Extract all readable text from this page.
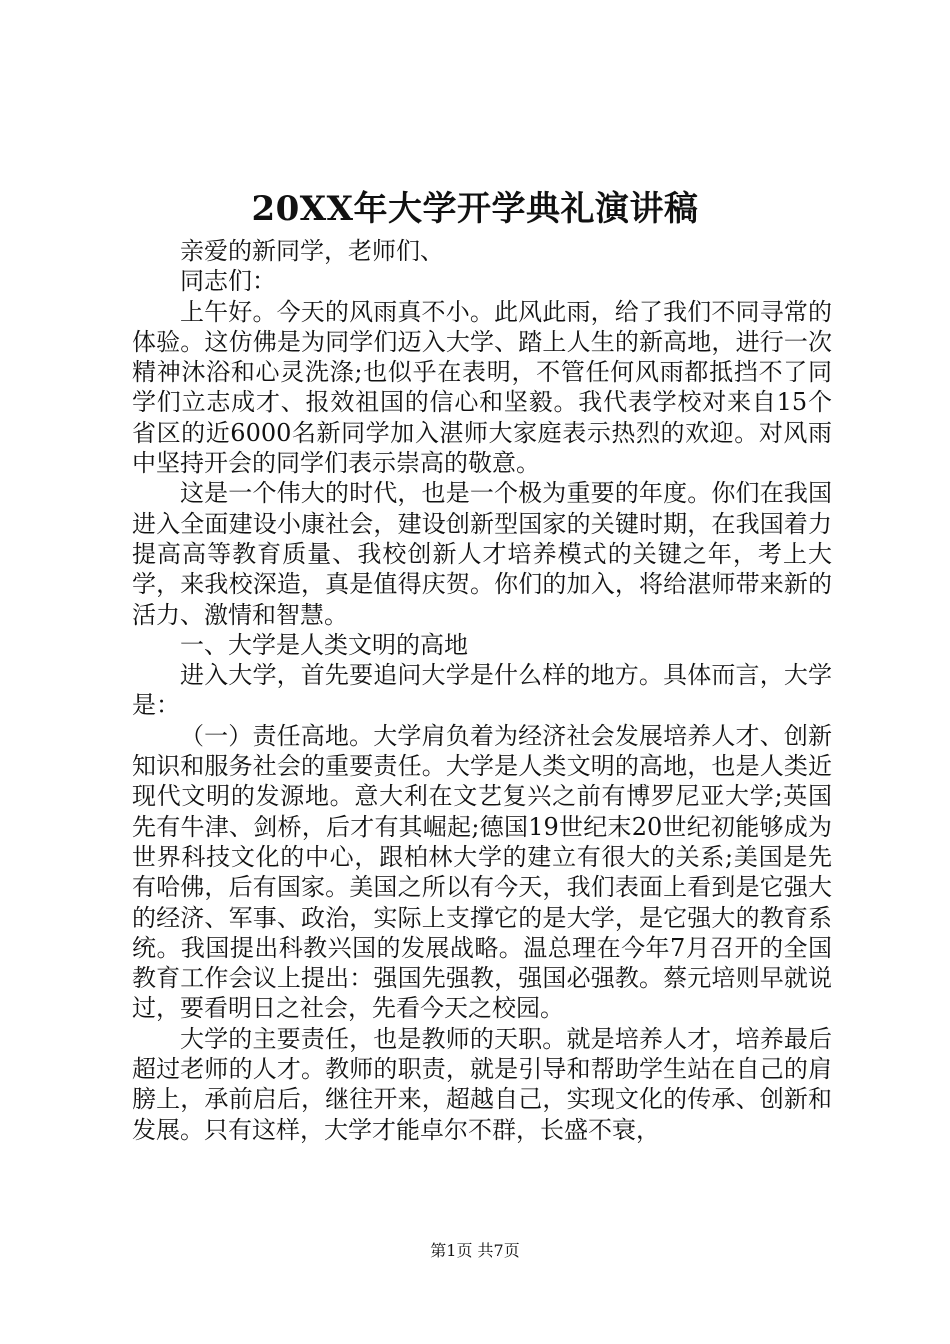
20XX年大学开学典礼演讲稿

亲爱的新同学，老师们、

同志们：

上午好。今天的风雨真不小。此风此雨，给了我们不同寻常的体验。这仿佛是为同学们迈入大学、踏上人生的新高地，进行一次精神沐浴和心灵洗涤;也似乎在表明，不管任何风雨都抵挡不了同学们立志成才、报效祖国的信心和坚毅。我代表学校对来自15个省区的近6000名新同学加入湛师大家庭表示热烈的欢迎。对风雨中坚持开会的同学们表示崇高的敬意。

这是一个伟大的时代，也是一个极为重要的年度。你们在我国进入全面建设小康社会，建设创新型国家的关键时期，在我国着力提高高等教育质量、我校创新人才培养模式的关键之年，考上大学，来我校深造，真是值得庆贺。你们的加入，将给湛师带来新的活力、激情和智慧。

一、大学是人类文明的高地

进入大学，首先要追问大学是什么样的地方。具体而言，大学是：

（一）责任高地。大学肩负着为经济社会发展培养人才、创新知识和服务社会的重要责任。大学是人类文明的高地，也是人类近现代文明的发源地。意大利在文艺复兴之前有博罗尼亚大学;英国先有牛津、剑桥，后才有其崛起;德国19世纪末20世纪初能够成为世界科技文化的中心，跟柏林大学的建立有很大的关系;美国是先有哈佛，后有国家。美国之所以有今天，我们表面上看到是它强大的经济、军事、政治，实际上支撑它的是大学，是它强大的教育系统。我国提出科教兴国的发展战略。温总理在今年7月召开的全国教育工作会议上提出：强国先强教，强国必强教。蔡元培则早就说过，要看明日之社会，先看今天之校园。

大学的主要责任，也是教师的天职。就是培养人才，培养最后超过老师的人才。教师的职责，就是引导和帮助学生站在自己的肩膀上，承前启后，继往开来，超越自己，实现文化的传承、创新和发展。只有这样，大学才能卓尔不群，长盛不衰，

第1页 共7页
